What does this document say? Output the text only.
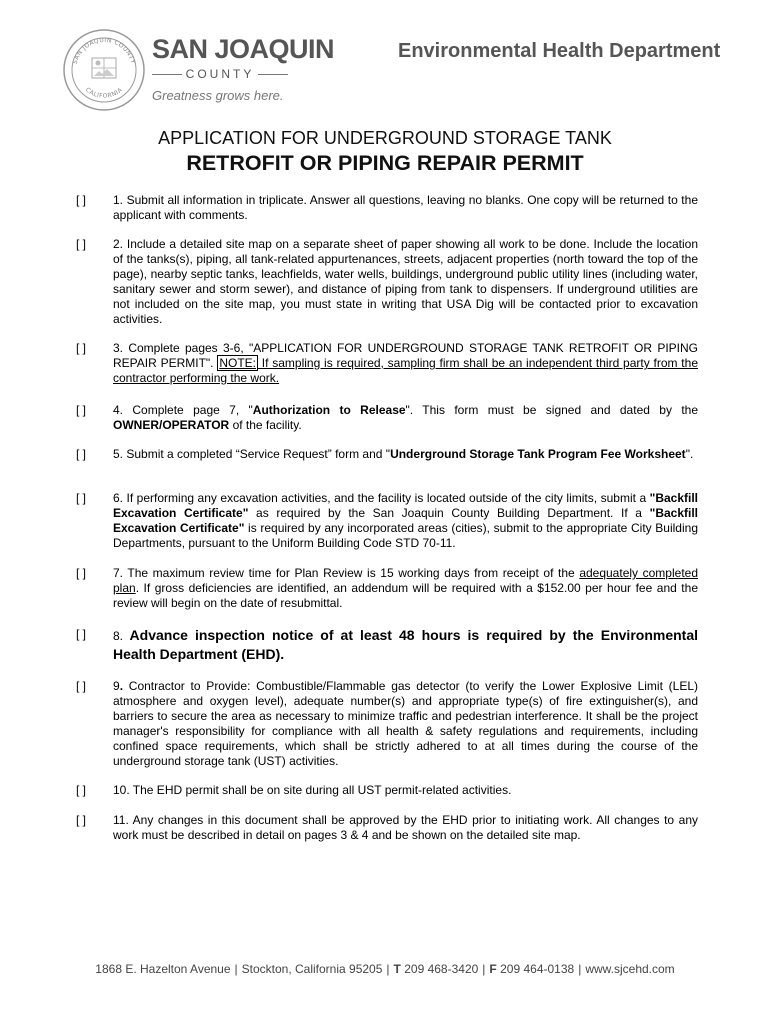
SAN JOAQUIN COUNTY
CALIFORNIA
SAN JOAQUIN
COUNTY
Greatness grows here.
Environmental Health Department
APPLICATION FOR UNDERGROUND STORAGE TANK
RETROFIT OR PIPING REPAIR PERMIT
[ ] 1. Submit all information in triplicate. Answer all questions, leaving no blanks. One copy will be returned to the applicant with comments.
[ ] 2. Include a detailed site map on a separate sheet of paper showing all work to be done. Include the location of the tanks(s), piping, all tank-related appurtenances, streets, adjacent properties (north toward the top of the page), nearby septic tanks, leachfields, water wells, buildings, underground public utility lines (including water, sanitary sewer and storm sewer), and distance of piping from tank to dispensers. If underground utilities are not included on the site map, you must state in writing that USA Dig will be contacted prior to excavation activities.
[ ] 3. Complete pages 3-6, "APPLICATION FOR UNDERGROUND STORAGE TANK RETROFIT OR PIPING REPAIR PERMIT". NOTE: If sampling is required, sampling firm shall be an independent third party from the contractor performing the work.
[ ] 4. Complete page 7, "Authorization to Release". This form must be signed and dated by the OWNER/OPERATOR of the facility.
[ ] 5. Submit a completed “Service Request” form and "Underground Storage Tank Program Fee Worksheet".
[ ] 6. If performing any excavation activities, and the facility is located outside of the city limits, submit a "Backfill Excavation Certificate" as required by the San Joaquin County Building Department. If a "Backfill Excavation Certificate" is required by any incorporated areas (cities), submit to the appropriate City Building Departments, pursuant to the Uniform Building Code STD 70-11.
[ ] 7. The maximum review time for Plan Review is 15 working days from receipt of the adequately completed plan. If gross deficiencies are identified, an addendum will be required with a $152.00 per hour fee and the review will begin on the date of resubmittal.
[ ] 8. Advance inspection notice of at least 48 hours is required by the Environmental Health Department (EHD).
[ ] 9. Contractor to Provide: Combustible/Flammable gas detector (to verify the Lower Explosive Limit (LEL) atmosphere and oxygen level), adequate number(s) and appropriate type(s) of fire extinguisher(s), and barriers to secure the area as necessary to minimize traffic and pedestrian interference. It shall be the project manager's responsibility for compliance with all health & safety regulations and requirements, including confined space requirements, which shall be strictly adhered to at all times during the course of the underground storage tank (UST) activities.
[ ] 10. The EHD permit shall be on site during all UST permit-related activities.
[ ] 11. Any changes in this document shall be approved by the EHD prior to initiating work. All changes to any work must be described in detail on pages 3 & 4 and be shown on the detailed site map.
1868 E. Hazelton Avenue | Stockton, California 95205 | T 209 468-3420 | F 209 464-0138 | www.sjcehd.com
